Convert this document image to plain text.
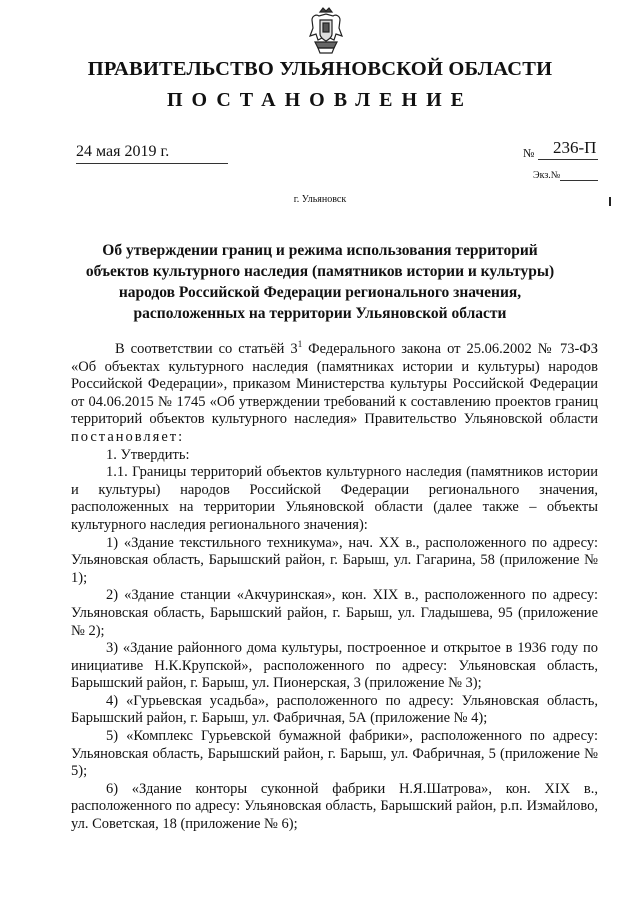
ПРАВИТЕЛЬСТВО УЛЬЯНОВСКОЙ ОБЛАСТИ
ПОСТАНОВЛЕНИЕ
24 мая 2019 г.	№ 236-П
Экз.№
г. Ульяновск
Об утверждении границ и режима использования территорий
объектов культурного наследия (памятников истории и культуры)
народов Российской Федерации регионального значения,
расположенных на территории Ульяновской области

В соответствии со статьёй $3^1$ Федерального закона от 25.06.2002 № 73-ФЗ «Об объектах культурного наследия (памятниках истории и культуры) народов Российской Федерации», приказом Министерства культуры Российской Федерации от 04.06.2015 № 1745 «Об утверждении требований к составлению проектов границ территорий объектов культурного наследия» Правительство Ульяновской области постановляет:

1. Утвердить:

1.1. Границы территорий объектов культурного наследия (памятников истории и культуры) народов Российской Федерации регионального значения, расположенных на территории Ульяновской области (далее также – объекты культурного наследия регионального значения):

1) «Здание текстильного техникума», нач. ХХ в., расположенного по адресу: Ульяновская область, Барышский район, г. Барыш, ул. Гагарина, 58 (приложение № 1);

2) «Здание станции «Акчуринская», кон. ХIХ в., расположенного по адресу: Ульяновская область, Барышский район, г. Барыш, ул. Гладышева, 95 (приложение № 2);

3) «Здание районного дома культуры, построенное и открытое в 1936 году по инициативе Н.К.Крупской», расположенного по адресу: Ульяновская область, Барышский район, г. Барыш, ул. Пионерская, 3 (приложение № 3);

4) «Гурьевская усадьба», расположенного по адресу: Ульяновская область, Барышский район, г. Барыш, ул. Фабричная, 5А (приложение № 4);

5) «Комплекс Гурьевской бумажной фабрики», расположенного по адресу: Ульяновская область, Барышский район, г. Барыш, ул. Фабричная, 5 (приложение № 5);

6) «Здание конторы суконной фабрики Н.Я.Шатрова», кон. ХIХ в., расположенного по адресу: Ульяновская область, Барышский район, р.п. Измайлово, ул. Советская, 18 (приложение № 6);
